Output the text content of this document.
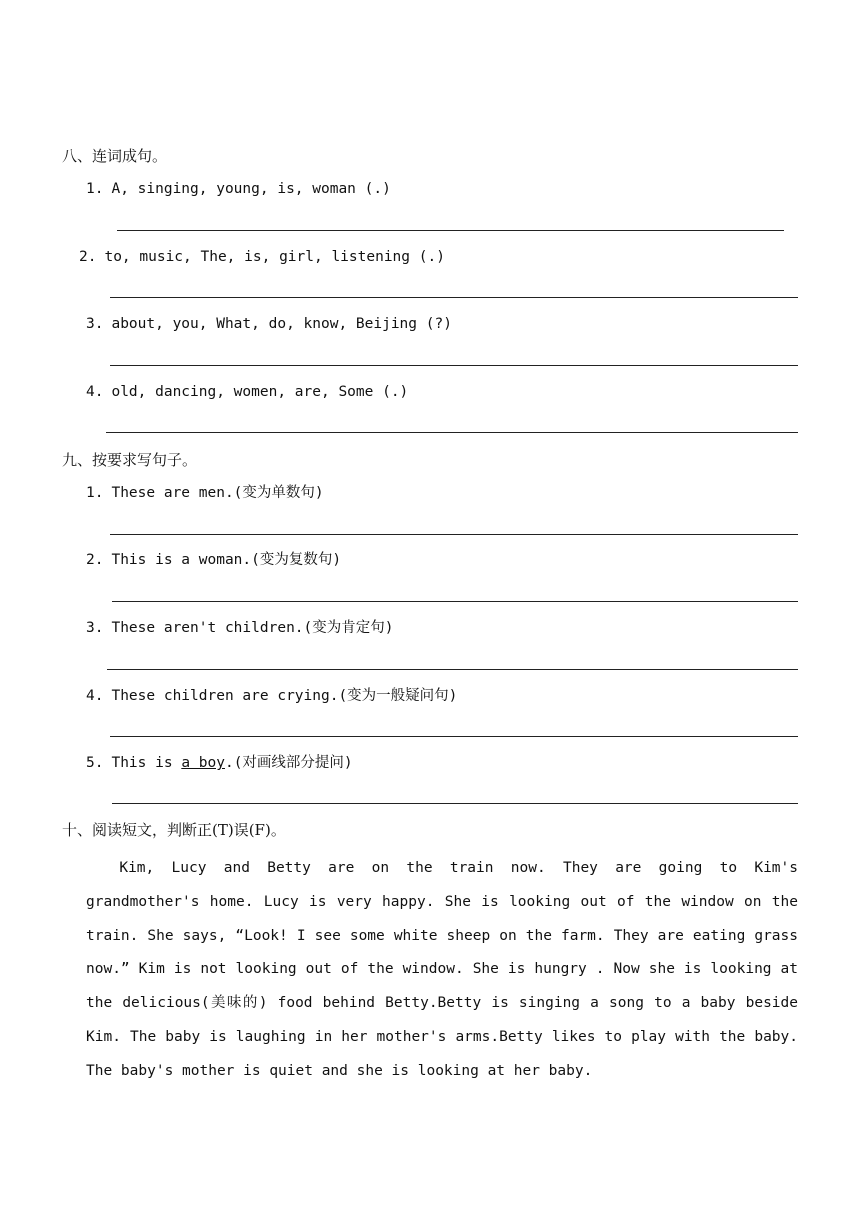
八、连词成句。
1. A, singing, young, is, woman (.)
2. to, music, The, is, girl, listening (.)
3. about, you, What, do, know, Beijing (?)
4. old, dancing, women, are, Some (.)
九、按要求写句子。
1. These are men.(变为单数句)
2. This is a woman.(变为复数句)
3. These aren't children.(变为肯定句)
4. These children are crying.(变为一般疑问句)
5. This is a boy.(对画线部分提问)
十、阅读短文，判断正(T)误(F)。

Kim, Lucy and Betty are on the train now. They are going to Kim's grandmother's home. Lucy is very happy. She is looking out of the window on the train. She says, “Look! I see some white sheep on the farm. They are eating grass now.” Kim is not looking out of the window. She is hungry . Now she is looking at the delicious(美味的) food behind Betty.Betty is singing a song to a baby beside Kim. The baby is laughing in her mother's arms.Betty likes to play with the baby. The baby's mother is quiet and she is looking at her baby.
